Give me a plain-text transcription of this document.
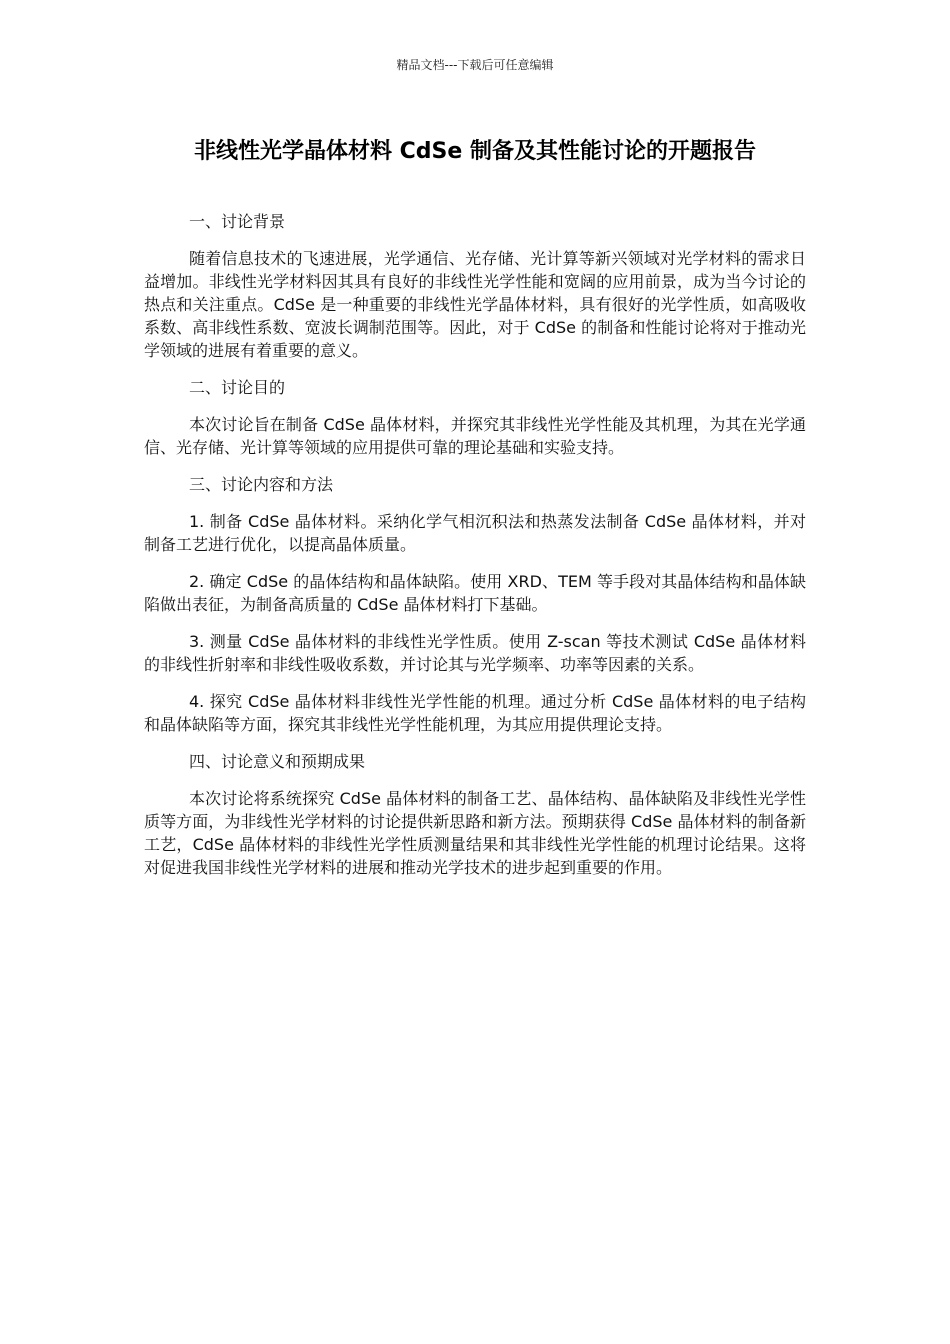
精品文档---下载后可任意编辑
非线性光学晶体材料 CdSe 制备及其性能讨论的开题报告
一、讨论背景

随着信息技术的飞速进展，光学通信、光存储、光计算等新兴领域对光学材料的需求日益增加。非线性光学材料因其具有良好的非线性光学性能和宽阔的应用前景，成为当今讨论的热点和关注重点。CdSe 是一种重要的非线性光学晶体材料，具有很好的光学性质，如高吸收系数、高非线性系数、宽波长调制范围等。因此，对于 CdSe 的制备和性能讨论将对于推动光学领域的进展有着重要的意义。

二、讨论目的

本次讨论旨在制备 CdSe 晶体材料，并探究其非线性光学性能及其机理，为其在光学通信、光存储、光计算等领域的应用提供可靠的理论基础和实验支持。

三、讨论内容和方法

1. 制备 CdSe 晶体材料。采纳化学气相沉积法和热蒸发法制备 CdSe 晶体材料，并对制备工艺进行优化，以提高晶体质量。

2. 确定 CdSe 的晶体结构和晶体缺陷。使用 XRD、TEM 等手段对其晶体结构和晶体缺陷做出表征，为制备高质量的 CdSe 晶体材料打下基础。

3. 测量 CdSe 晶体材料的非线性光学性质。使用 Z-scan 等技术测试 CdSe 晶体材料的非线性折射率和非线性吸收系数，并讨论其与光学频率、功率等因素的关系。

4. 探究 CdSe 晶体材料非线性光学性能的机理。通过分析 CdSe 晶体材料的电子结构和晶体缺陷等方面，探究其非线性光学性能机理，为其应用提供理论支持。

四、讨论意义和预期成果

本次讨论将系统探究 CdSe 晶体材料的制备工艺、晶体结构、晶体缺陷及非线性光学性质等方面，为非线性光学材料的讨论提供新思路和新方法。预期获得 CdSe 晶体材料的制备新工艺，CdSe 晶体材料的非线性光学性质测量结果和其非线性光学性能的机理讨论结果。这将对促进我国非线性光学材料的进展和推动光学技术的进步起到重要的作用。
